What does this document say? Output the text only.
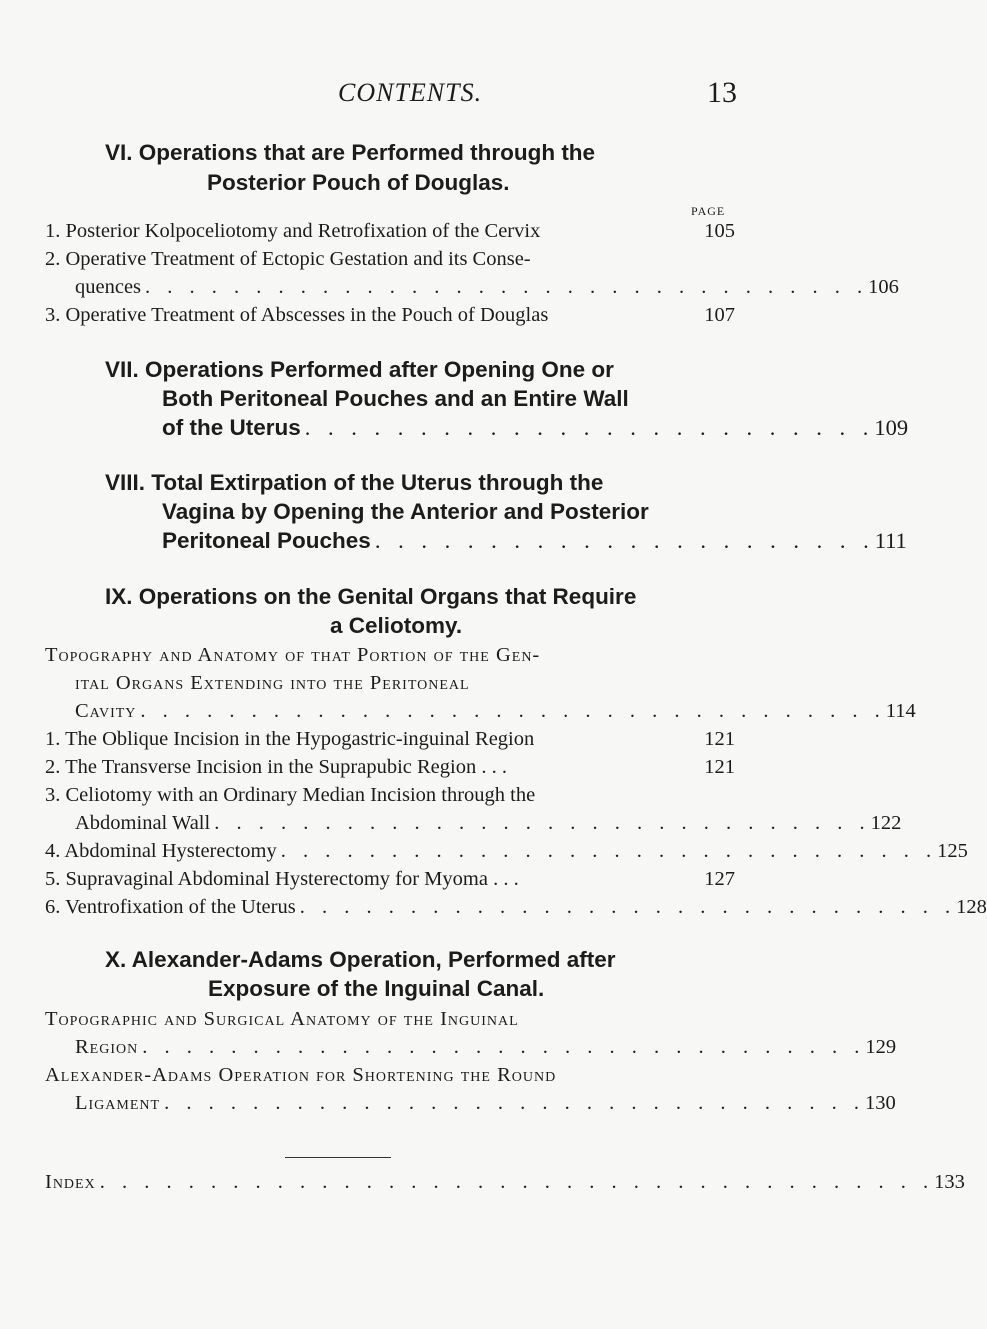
CONTENTS.	13
VI. Operations that are Performed through the
Posterior Pouch of Douglas.
PAGE
1. Posterior Kolpoceliotomy and Retrofixation of the Cervix	105
2. Operative Treatment of Ectopic Gestation and its Conse-
quences . . . . . . . . . . . . . . . . . . . . . . . . . . . . . . . . . 106
3. Operative Treatment of Abscesses in the Pouch of Douglas	107
VII. Operations Performed after Opening One or
Both Peritoneal Pouches and an Entire Wall
of the Uterus . . . . . . . . . . . . . . . . . . . . . . . . . 109
VIII. Total Extirpation of the Uterus through the
Vagina by Opening the Anterior and Posterior
Peritoneal Pouches . . . . . . . . . . . . . . . . . . . . . . 111
IX. Operations on the Genital Organs that Require
a Celiotomy.
Topography and Anatomy of that Portion of the Gen-
ital Organs Extending into the Peritoneal
Cavity . . . . . . . . . . . . . . . . . . . . . . . . . . . . . . . . . . 114
1. The Oblique Incision in the Hypogastric-inguinal Region	121
2. The Transverse Incision in the Suprapubic Region . . .	121
3. Celiotomy with an Ordinary Median Incision through the
Abdominal Wall . . . . . . . . . . . . . . . . . . . . . . . . . . . . . . 122
4. Abdominal Hysterectomy . . . . . . . . . . . . . . . . . . . . . . . . . . . . . . 125
5. Supravaginal Abdominal Hysterectomy for Myoma . . .	127
6. Ventrofixation of the Uterus . . . . . . . . . . . . . . . . . . . . . . . . . . . . . . 128
X. Alexander-Adams Operation, Performed after
Exposure of the Inguinal Canal.
Topographic and Surgical Anatomy of the Inguinal
Region . . . . . . . . . . . . . . . . . . . . . . . . . . . . . . . . . 129
Alexander-Adams Operation for Shortening the Round
Ligament . . . . . . . . . . . . . . . . . . . . . . . . . . . . . . . . 130
Index . . . . . . . . . . . . . . . . . . . . . . . . . . . . . . . . . . . . . . 133
